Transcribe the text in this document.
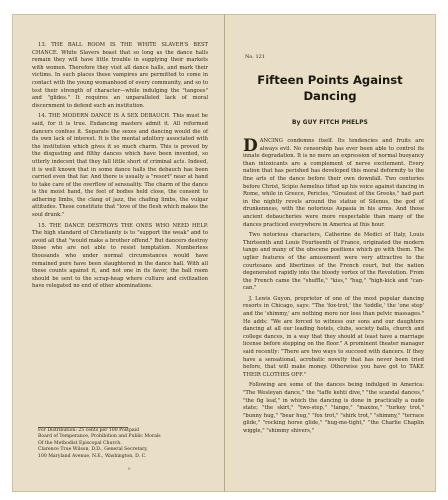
13. THE BALL ROOM IS THE WHITE SLAVER'S BEST CHANCE. White Slavers boast that so long as the dance halls remain they will have little trouble in supplying their markets with women. Therefore they visit all dance halls, and mark their victims. In such places these vampires are permitted to come in contact with the young womanhood of every community, and so to test their strength of character—while indulging the "tangoes" and "glides." It requires an unparalleled lack of moral discernment to defend such an institution.

14. THE MODERN DANCE IS A SEX DEBAUCH. This must be said, for it is true. Exdancing masters admit it. All reformed dancers confess it. Separate the sexes and dancing would die of its own lack of interest. It is the mental adultery associated with the institution which gives it so much charm. This is proved by the disgusting and filthy dances which have been invented, so utterly indecent that they fall little short of criminal acts. Indeed, it is well known that in some dance halls the debauch has been carried even that far. And there is usually a "resort" near at hand to take care of the overflow of sensuality. The charm of the dance is the moist hand, the feel of bodies held close, the consent to adhering limbs, the clang of jazz, the chafing limbs, the vulgar attitudes. These constitute that "love of the flesh which makes the soul drunk."

15. THE DANCE DESTROYS THE ONES WHO NEED HELP. The high standard of Christianity is to "support the weak" and to avoid all that "would make a brother offend." But dancers destroy those who are not able to resist temptation. Numberless thousands who under normal circumstances would have remained pure have been slaughtered in the dance hall. With all these counts against it, and not one in its favor, the ball room should be sent to the scrap-heap where culture and civilization have relegated no end of other abominations.

For Distribution: 25 cents per 100 Postpaid
Board of Temperance, Prohibition and Public Morals
Of the Methodist Episcopal Church.
Clarence True Wilson, D.D., General Secretary,
100 Maryland Avenue, N.E., Washington, D. C.
8
No. 121
Fifteen Points Against Dancing
By GUY FITCH PHELPS

DANCING condemns itself. Its tendencies and fruits are always evil. No censorship has ever been able to control its innate degradation. It is no mere an expression of normal buoyancy than intoxicants are a complement of nerve excitement. Every nation that has perished has developed this moral deformity to the fine arts of the dance before their own downfall. Two centuries before Christ, Scipio Aemelius lifted up his voice against dancing in Rome, while in Greece, Pericles, "Greatest of the Greeks," had part in the nightly revels around the statue of Silenus, the god of drunkenness, with the notorious Aspasia in his arms. And those ancient debaucheries were more respectable than many of the dances practiced everywhere in America at this hour.

Two notorious characters, Catherine de Medici of Italy, Louis Thirteenth and Louis Fourteenth of France, originated the modern tango and many of the obscene positions which go with them. The uglier features of the amusement were very attractive to the courtesans and libertines of the French court, but the nation degenerated rapidly into the bloody vortex of the Revolution. From the French came the "shuffle," "kiss," "hug," "high-kick and "can-can."

J. Lewis Guyon, proprietor of one of the most popular dancing resorts in Chicago, says: "The 'fox-trot,' the 'toddle,' the 'one step' and the 'shimmy,' are nothing more nor less than pelvic massages." He adds: "We are forced to witness our sons and our daughters dancing at all our leading hotels, clubs, society balls, church and college dances, in a way that they should at least have a marriage license before stepping on the floor." A prominent theater manager said recently: "There are two ways to succeed with dancers. If they have a sensational, acrobatic novelty that has never been tried before, that will make money. Otherwise you have got to TAKE THEIR CLOTHES OFF."

Following are some of the dances being indulged in America: "The Wesleyan dance," the "taffe kehti dive," "the scandal dances," "the fig leaf," in which the dancing is done in practically a nude state; "the skirt," "two-step," "tango," "maxixe," "turkey trot," "bunny hug," "bear hug," "fox trot," "shirk trot," "shimmy," "terrace glide," "rocking horse glide," "hug-me-tight," "the Charlie Chaplin wiggle," "shimmy shivers,"
